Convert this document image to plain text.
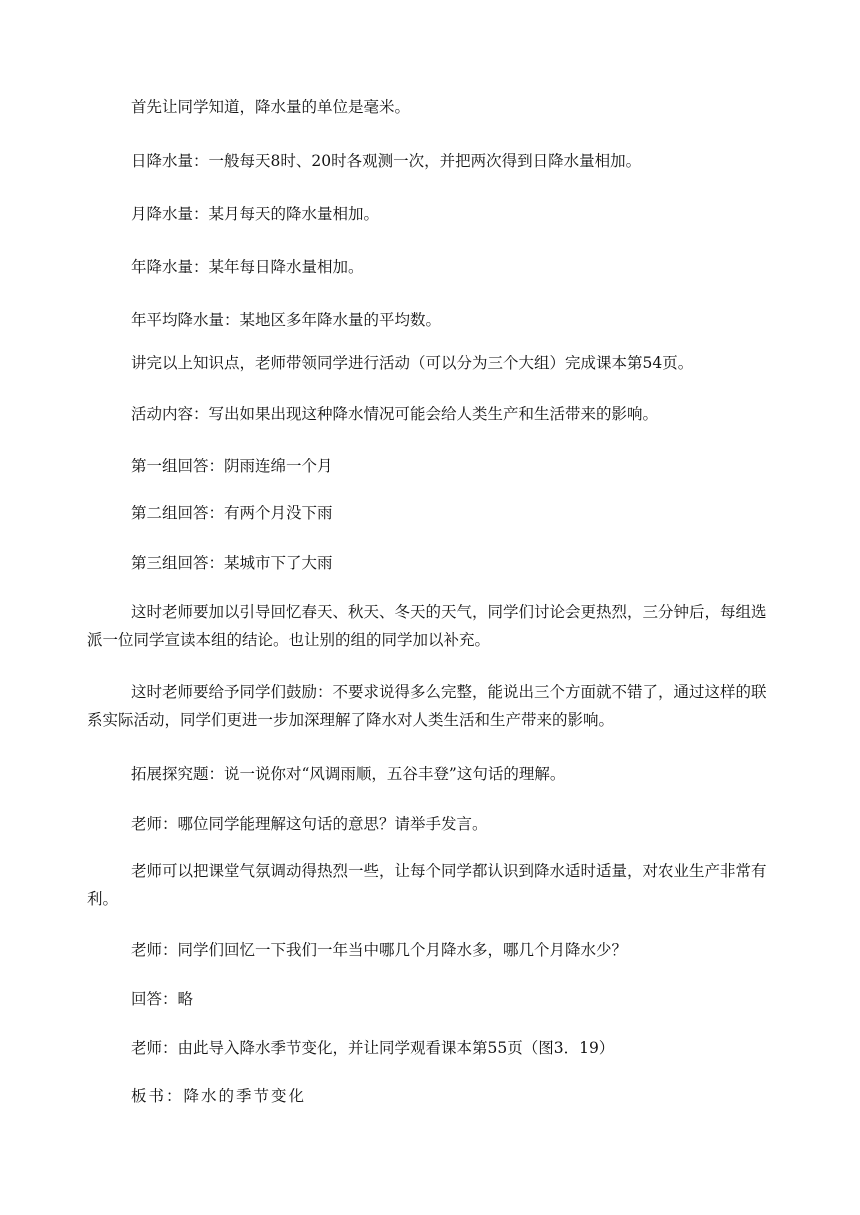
首先让同学知道，降水量的单位是毫米。

日降水量：一般每天8时、20时各观测一次，并把两次得到日降水量相加。

月降水量：某月每天的降水量相加。

年降水量：某年每日降水量相加。

年平均降水量：某地区多年降水量的平均数。

讲完以上知识点，老师带领同学进行活动（可以分为三个大组）完成课本第54页。

活动内容：写出如果出现这种降水情况可能会给人类生产和生活带来的影响。

第一组回答：阴雨连绵一个月

第二组回答：有两个月没下雨

第三组回答：某城市下了大雨

这时老师要加以引导回忆春天、秋天、冬天的天气，同学们讨论会更热烈，三分钟后，每组选派一位同学宣读本组的结论。也让别的组的同学加以补充。

这时老师要给予同学们鼓励：不要求说得多么完整，能说出三个方面就不错了，通过这样的联系实际活动，同学们更进一步加深理解了降水对人类生活和生产带来的影响。

拓展探究题：说一说你对“风调雨顺，五谷丰登”这句话的理解。

老师：哪位同学能理解这句话的意思？请举手发言。

老师可以把课堂气氛调动得热烈一些，让每个同学都认识到降水适时适量，对农业生产非常有利。

老师：同学们回忆一下我们一年当中哪几个月降水多，哪几个月降水少？

回答：略

老师：由此导入降水季节变化，并让同学观看课本第55页（图3．19）

板书：降水的季节变化
